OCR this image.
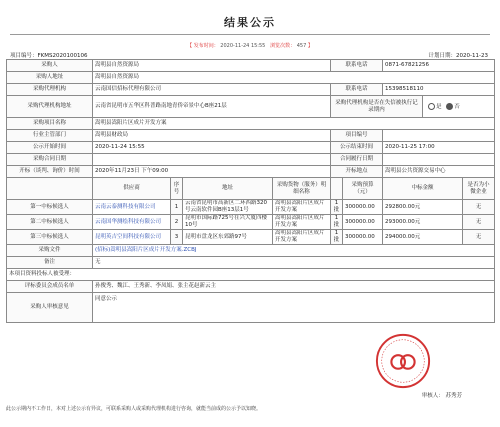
结果公示
【 发布时间： 2020-11-24 15:55 浏览次数： 457 】
项目编号：FKMS2020100106	计划日期：2020-11-23
采购人	嵩明县自然资源局				联系电话		0871-67821256		
采购人地址	嵩明县自然资源局								
采购代理机构	云南国信招标代理有限公司				联系电话		15398518110		
采购代理机构地址	云南省昆明市五华区科普路南地青侨帝景中心B座21层				采购代理机构是否在失信被执行记录期内			是 否	
采购项目名称	嵩明县嵩阳片区成片开发方案								
行业主管部门	嵩明县财政局				项目编号				
公示开始时间	2020-11-24 15:55				公示结束时间		2020-11-25 17:00		
采购合同日期					合同履行日期				
开标（谈判、询价）时间	2020年11月23日 下午09:00				开标地点		嵩明县公共资源交易中心		
	供应商	序号	地址	采购货物（服务）明细名称		采购预算（元）	中标金额		是否为小微企业
第一中标候选人	云南云泰测科技有限公司	1	云南省昆明市高新区二环西路320号云南软件园B座13层1号	嵩明县嵩阳片区成片开发方案	1批	300000.00	292800.00元		无
第二中标候选人	云南国华测绘科技有限公司	2	昆明市国际路725号在兴大厦四楼10号	嵩明县嵩阳片区成片开发方案	1批	300000.00	293000.00元		无
第三中标候选人	昆明英吉空间科技有限公司	3	昆明市盘龙区东郊路97号	嵩明县嵩阳片区成片开发方案	1批	300000.00	294000.00元		无
采购文件	(招标)嵩明县嵩阳片区成片开发方案.ZCBJ								
备注	无								
本项目资料投标人被受理：									
评标委员会成员名单	孙俊秀、魏江、王秀新、李凤娟、张主花赵新云主								
采购人审核意见	同意公示								
审核人： 苏秀芳
此公示期内不工作日，本对上述公示有异议，可联系采购人或采购代理机构进行咨询，就能当前成的公示予以知晓。
